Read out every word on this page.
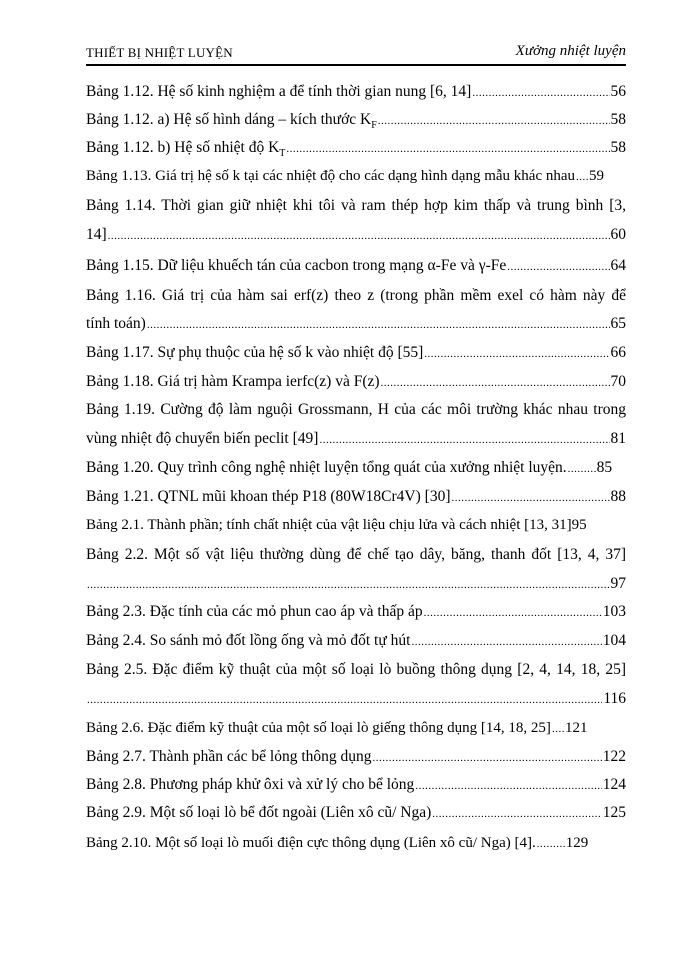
THIẾT BỊ NHIỆT LUYỆN	Xưởng nhiệt luyện
Bảng 1.12. Hệ số kinh nghiệm a để tính thời gian nung [6, 14] .....	56
Bảng 1.12. a) Hệ số hình dáng – kích thước $K_F$ .....	58
Bảng 1.12. b) Hệ số nhiệt độ $K_T$ .....	58
Bảng 1.13. Giá trị hệ số k tại các nhiệt độ cho các dạng hình dạng mẫu khác nhau ..... 59
Bảng 1.14. Thời gian giữ nhiệt khi tôi và ram thép hợp kim thấp và trung bình [3,
14] .....	60
Bảng 1.15. Dữ liệu khuếch tán của cacbon trong mạng α-Fe và γ-Fe .....	64
Bảng 1.16. Giá trị của hàm sai erf(z) theo z (trong phần mềm exel có hàm này để
tính toán) .....	65
Bảng 1.17. Sự phụ thuộc của hệ số k vào nhiệt độ [55] .....	66
Bảng 1.18. Giá trị hàm Krampa ierfc(z) và F(z) .....	70
Bảng 1.19. Cường độ làm nguội Grossmann, H của các môi trường khác nhau trong
vùng nhiệt độ chuyển biến peclit [49] .....	81
Bảng 1.20. Quy trình công nghệ nhiệt luyện tổng quát của xưởng nhiệt luyện. ..... 85
Bảng 1.21. QTNL mũi khoan thép P18 (80W18Cr4V) [30] .....	88
Bảng 2.1. Thành phần; tính chất nhiệt của vật liệu chịu lửa và cách nhiệt [13, 31] 95
Bảng 2.2. Một số vật liệu thường dùng để chế tạo dây, băng, thanh đốt [13, 4, 37]
.....
97
Bảng 2.3. Đặc tính của các mỏ phun cao áp và thấp áp .....	103
Bảng 2.4. So sánh mỏ đốt lồng ống và mỏ đốt tự hút .....	104
Bảng 2.5. Đặc điểm kỹ thuật của một số loại lò buồng thông dụng [2, 4, 14, 18, 25]
.....
116
Bảng 2.6. Đặc điểm kỹ thuật của một số loại lò giếng thông dụng [14, 18, 25] ..... 121
Bảng 2.7. Thành phần các bể lỏng thông dụng .....	122
Bảng 2.8. Phương pháp khử ôxi và xử lý cho bể lỏng .....	124
Bảng 2.9. Một số loại lò bể đốt ngoài (Liên xô cũ/ Nga) .....	125
Bảng 2.10. Một số loại lò muối điện cực thông dụng (Liên xô cũ/ Nga) [4]. ..... 129
